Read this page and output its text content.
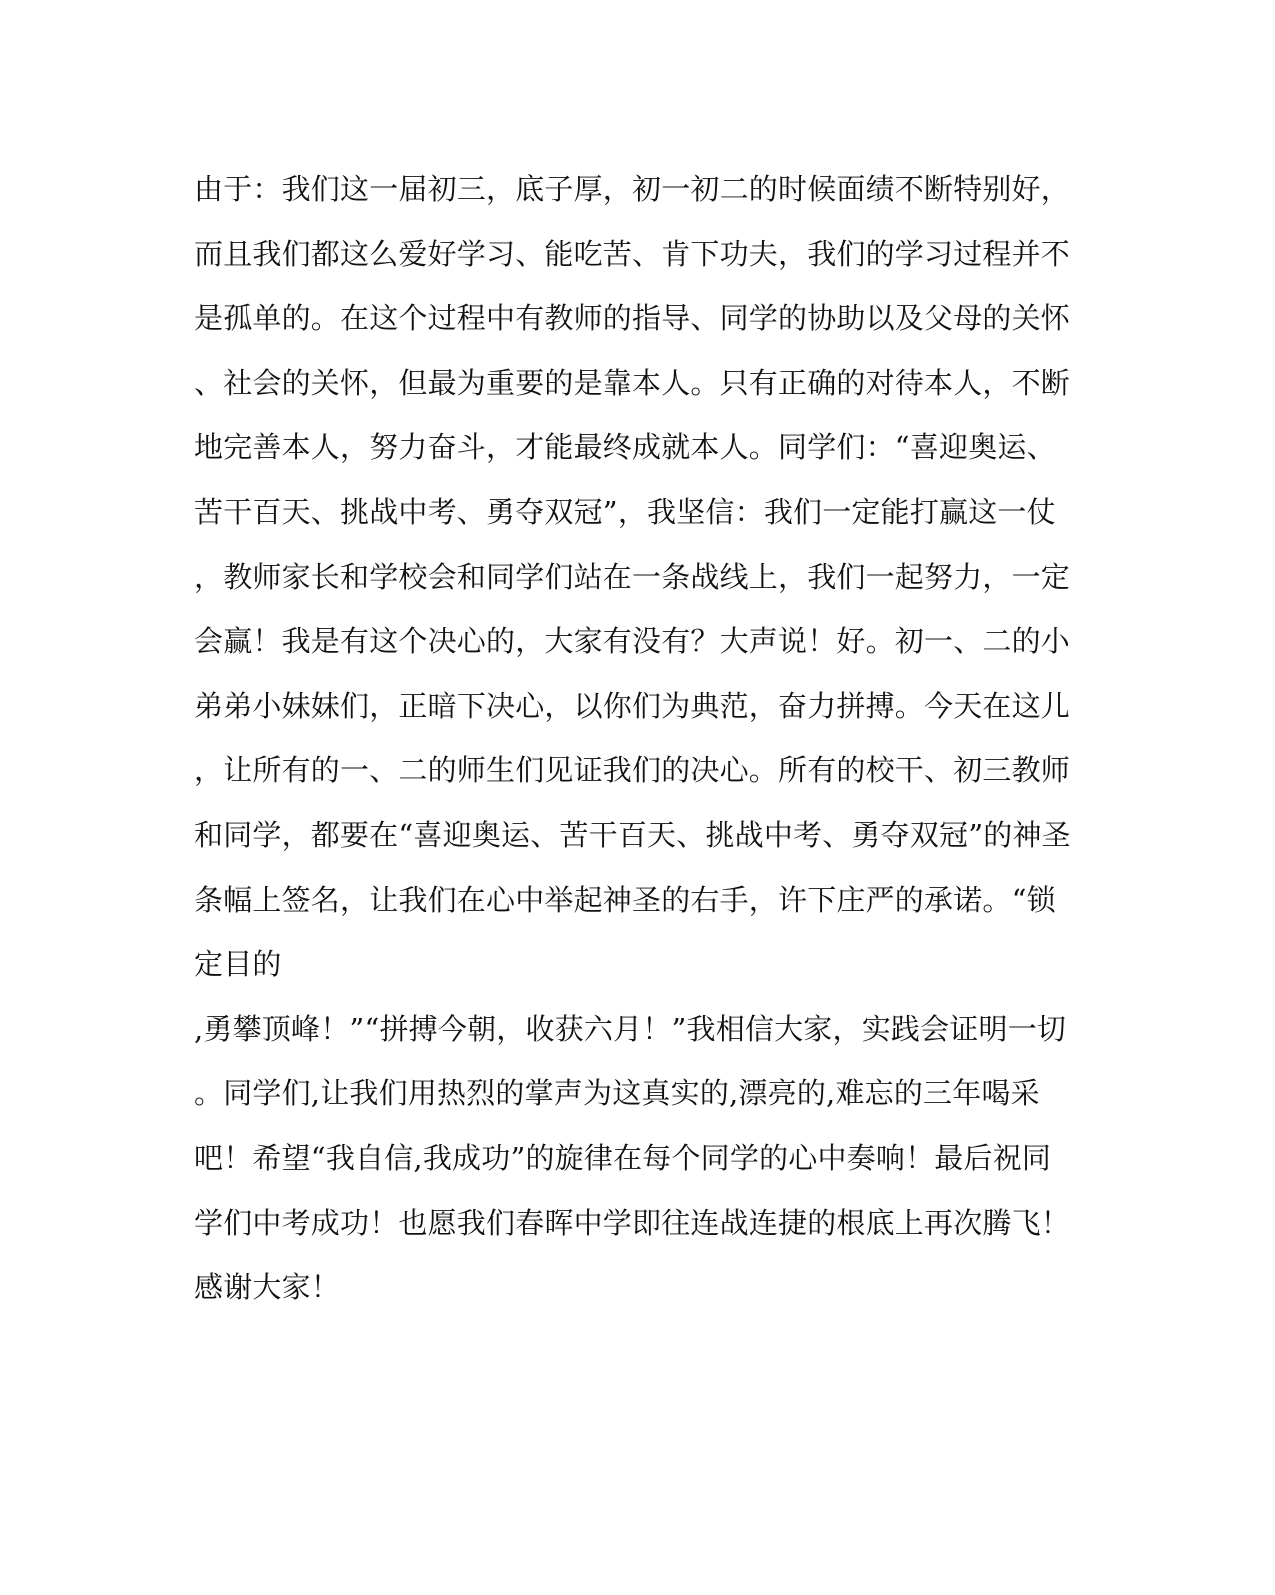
由于：我们这一届初三，底子厚，初一初二的时候面绩不断特别好，
而且我们都这么爱好学习、能吃苦、肯下功夫，我们的学习过程并不
是孤单的。在这个过程中有教师的指导、同学的协助以及父母的关怀
、社会的关怀，但最为重要的是靠本人。只有正确的对待本人，不断
地完善本人，努力奋斗，才能最终成就本人。同学们：“喜迎奥运、
苦干百天、挑战中考、勇夺双冠”，我坚信：我们一定能打赢这一仗
，教师家长和学校会和同学们站在一条战线上，我们一起努力，一定
会赢！我是有这个决心的，大家有没有？大声说！好。初一、二的小
弟弟小妹妹们，正暗下决心，以你们为典范，奋力拼搏。今天在这儿
，让所有的一、二的师生们见证我们的决心。所有的校干、初三教师
和同学，都要在“喜迎奥运、苦干百天、挑战中考、勇夺双冠”的神圣
条幅上签名，让我们在心中举起神圣的右手，许下庄严的承诺。“锁
定目的
,勇攀顶峰！”“拼搏今朝，收获六月！”我相信大家，实践会证明一切
。同学们,让我们用热烈的掌声为这真实的,漂亮的,难忘的三年喝采
吧！希望“我自信,我成功”的旋律在每个同学的心中奏响！最后祝同
学们中考成功！也愿我们春晖中学即往连战连捷的根底上再次腾飞！
感谢大家！
